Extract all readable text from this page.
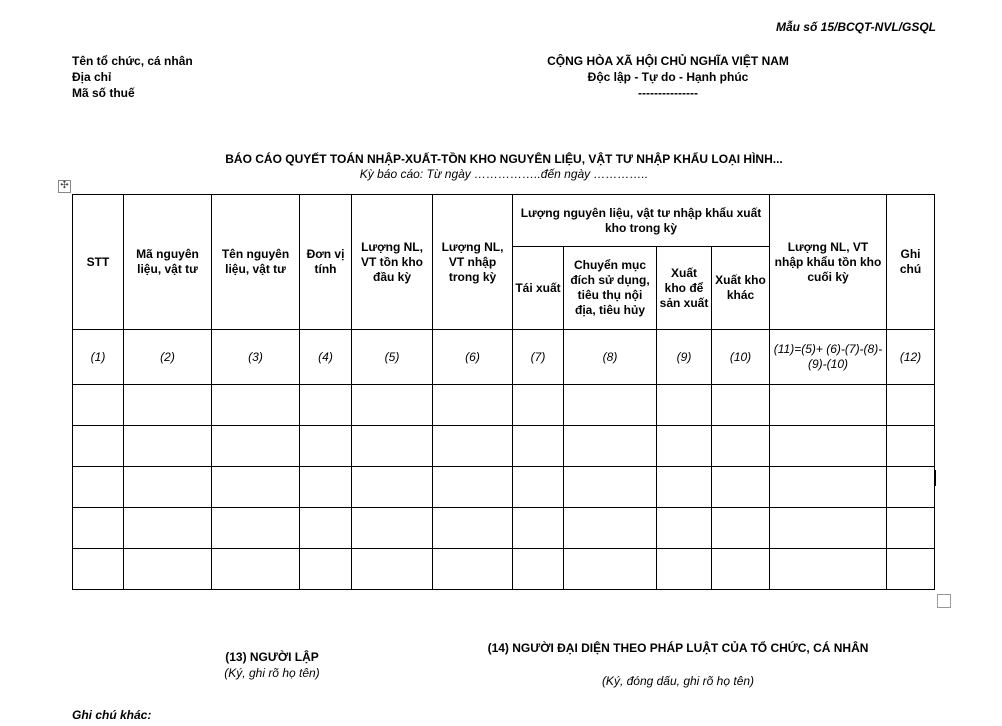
Mẫu số 15/BCQT-NVL/GSQL
Tên tổ chức, cá nhân
Địa chỉ
Mã số thuế
CỘNG HÒA XÃ HỘI CHỦ NGHĨA VIỆT NAM
Độc lập - Tự do - Hạnh phúc
---------------
BÁO CÁO QUYẾT TOÁN NHẬP-XUẤT-TỒN KHO NGUYÊN LIỆU, VẬT TƯ NHẬP KHẨU LOẠI HÌNH...
Kỳ báo cáo: Từ ngày ……………..đến ngày …………..
✣
STT	Mã nguyên liệu, vật tư	Tên nguyên liệu, vật tư	Đơn vị tính	Lượng NL, VT tồn kho đầu kỳ	Lượng NL, VT nhập trong kỳ	Lượng nguyên liệu, vật tư nhập khẩu xuất kho trong kỳ				Lượng NL, VT nhập khẩu tồn kho cuối kỳ	Ghi chú
						Tái xuất	Chuyển mục đích sử dụng, tiêu thụ nội địa, tiêu hủy	Xuất kho để sản xuất	Xuất kho khác		
(1)	(2)	(3)	(4)	(5)	(6)	(7)	(8)	(9)	(10)	(11)=(5)+ (6)-(7)-(8)- (9)-(10)	(12)

(13) NGƯỜI LẬP
(Ký, ghi rõ họ tên)
(14) NGƯỜI ĐẠI DIỆN THEO PHÁP LUẬT CỦA TỔ CHỨC, CÁ NHÂN
(Ký, đóng dấu, ghi rõ họ tên)
Ghi chú khác:
